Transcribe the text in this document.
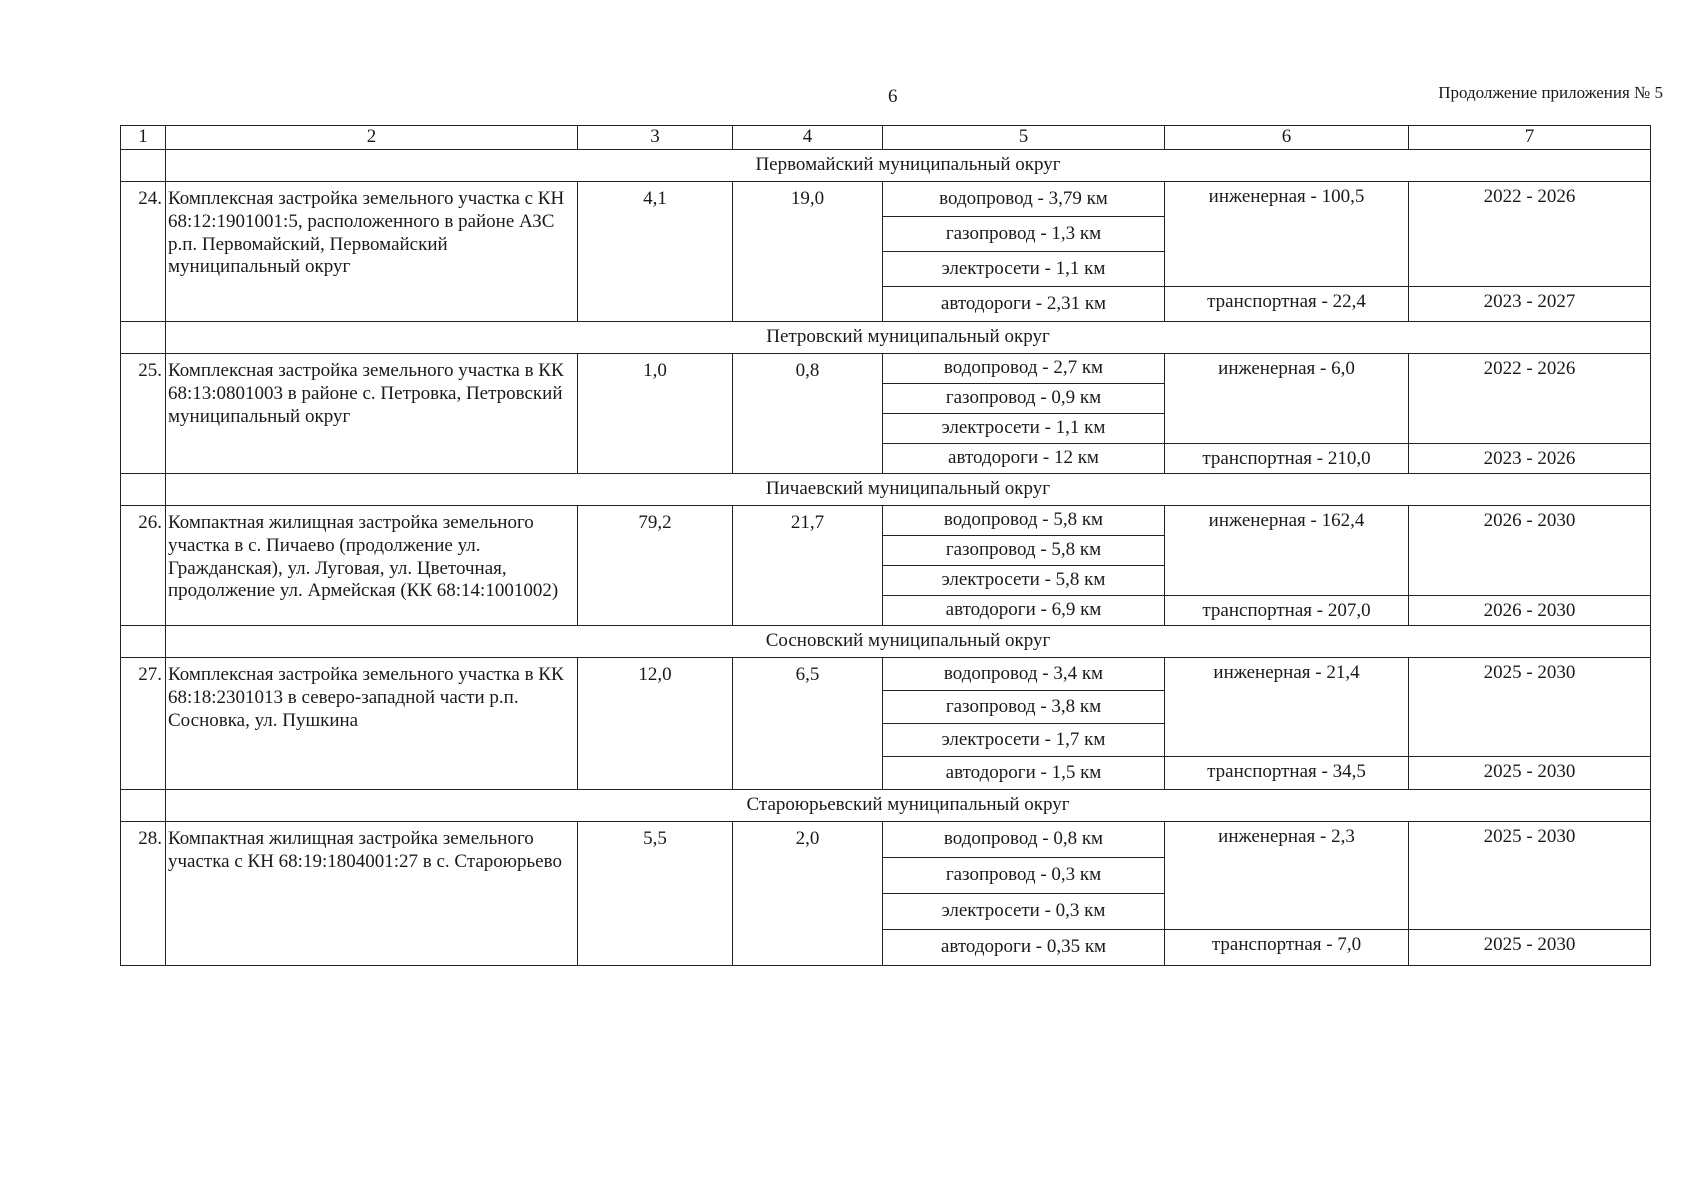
6	Продолжение приложения № 5
1	2	3	4	5	6	7
	Первомайский муниципальный округ					
24.	Комплексная застройка земельного участка с КН 68:12:1901001:5, расположенного в районе АЗС р.п. Первомайский, Первомайский муниципальный округ	4,1	19,0	водопровод - 3,79 км	инженерная - 100,5	2022 - 2026
				газопровод - 1,3 км		
				электросети - 1,1 км		
				автодороги - 2,31 км	транспортная - 22,4	2023 - 2027
	Петровский муниципальный округ					
25.	Комплексная застройка земельного участка в КК 68:13:0801003 в районе с. Петровка, Петровский муниципальный округ	1,0	0,8	водопровод - 2,7 км	инженерная - 6,0	2022 - 2026
				газопровод - 0,9 км		
				электросети - 1,1 км		
				автодороги - 12 км	транспортная - 210,0	2023 - 2026
	Пичаевский муниципальный округ					
26.	Компактная жилищная застройка земельного участка в с. Пичаево (продолжение ул. Гражданская), ул. Луговая, ул. Цветочная, продолжение ул. Армейская (КК 68:14:1001002)	79,2	21,7	водопровод - 5,8 км	инженерная - 162,4	2026 - 2030
				газопровод - 5,8 км		
				электросети - 5,8 км		
				автодороги - 6,9 км	транспортная - 207,0	2026 - 2030
	Сосновский муниципальный округ					
27.	Комплексная застройка земельного участка в КК 68:18:2301013 в северо-западной части р.п. Сосновка, ул. Пушкина	12,0	6,5	водопровод - 3,4 км	инженерная - 21,4	2025 - 2030
				газопровод - 3,8 км		
				электросети - 1,7 км		
				автодороги - 1,5 км	транспортная - 34,5	2025 - 2030
	Староюрьевский муниципальный округ					
28.	Компактная жилищная застройка земельного участка с КН 68:19:1804001:27 в с. Староюрьево	5,5	2,0	водопровод - 0,8 км	инженерная - 2,3	2025 - 2030
				газопровод - 0,3 км		
				электросети - 0,3 км		
				автодороги - 0,35 км	транспортная - 7,0	2025 - 2030
